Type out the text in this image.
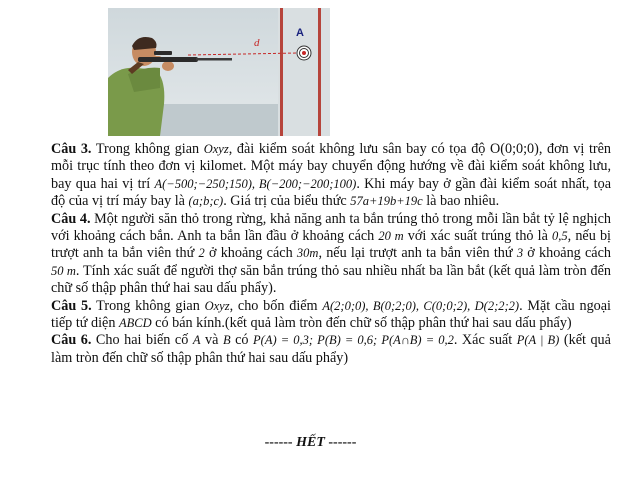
A
d

Câu 3. Trong không gian Oxyz, đài kiểm soát không lưu sân bay có tọa độ O(0;0;0), đơn vị trên mỗi trục tính theo đơn vị kilomet. Một máy bay chuyển động hướng về đài kiểm soát không lưu, bay qua hai vị trí A(−500;−250;150), B(−200;−200;100). Khi máy bay ở gần đài kiểm soát nhất, tọa độ của vị trí máy bay là (a;b;c). Giá trị của biểu thức 57a+19b+19c là bao nhiêu.

Câu 4. Một người săn thỏ trong rừng, khả năng anh ta bắn trúng thỏ trong mỗi lần bắt tỷ lệ nghịch với khoảng cách bắn. Anh ta bắn lần đầu ở khoảng cách 20 m với xác suất trúng thỏ là 0,5, nếu bị trượt anh ta bắn viên thứ 2 ở khoảng cách 30m, nếu lại trượt anh ta bắn viên thứ 3 ở khoảng cách 50 m. Tính xác suất để người thợ săn bắn trúng thỏ sau nhiều nhất ba lần bắt (kết quả làm tròn đến chữ số thập phân thứ hai sau dấu phẩy).

Câu 5. Trong không gian Oxyz, cho bốn điểm A(2;0;0), B(0;2;0), C(0;0;2), D(2;2;2). Mặt cầu ngoại tiếp tứ diện ABCD có bán kính.(kết quả làm tròn đến chữ số thập phân thứ hai sau dấu phẩy)

Câu 6. Cho hai biến cố A và B có P(A) = 0,3; P(B) = 0,6; P(A∩B) = 0,2. Xác suất P(A | B) (kết quả làm tròn đến chữ số thập phân thứ hai sau dấu phẩy)

------ HẾT ------
